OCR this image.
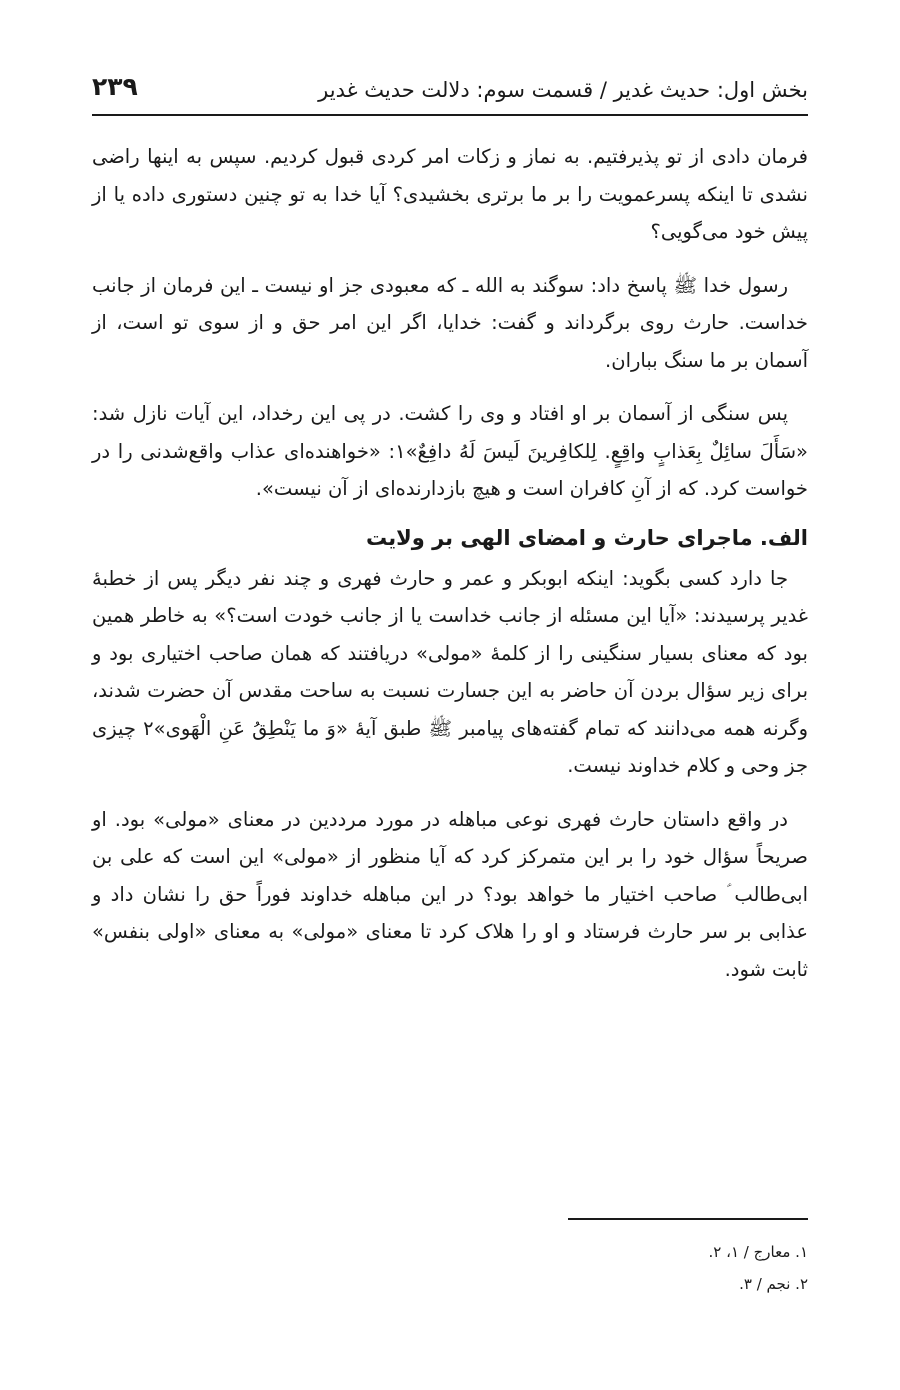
بخش اول: حدیث غدیر / قسمت سوم: دلالت حدیث غدیر
۲۳۹

فرمان دادی از تو پذیرفتیم. به نماز و زکات امر کردی قبول کردیم. سپس به اینها راضی نشدی تا اینکه پسرعمویت را بر ما برتری بخشیدی؟ آیا خدا به تو چنین دستوری داده یا از پیش خود می‌گویی؟

رسول خدا ﷺ پاسخ داد: سوگند به الله ـ که معبودی جز او نیست ـ این فرمان از جانب خداست. حارث روی برگرداند و گفت: خدایا، اگر این امر حق و از سوی تو است، از آسمان بر ما سنگ بباران.

پس سنگی از آسمان بر او افتاد و وی را کشت. در پی این رخداد، این آیات نازل شد: «سَأَلَ سائِلٌ بِعَذابٍ واقِعٍ. لِلكافِرينَ لَيسَ لَهُ دافِعٌ»۱: «خواهنده‌ای عذاب واقع‌شدنی را در خواست کرد. که از آنِ کافران است و هیچ بازدارنده‌ای از آن نیست».

الف. ماجرای حارث و امضای الهی بر ولایت

جا دارد کسی بگوید: اینکه ابوبکر و عمر و حارث فهری و چند نفر دیگر پس از خطبهٔ غدیر پرسیدند: «آیا این مسئله از جانب خداست یا از جانب خودت است؟» به خاطر همین بود که معنای بسیار سنگینی را از کلمهٔ «مولی» دریافتند که همان صاحب اختیاری بود و برای زیر سؤال بردن آن حاضر به این جسارت نسبت به ساحت مقدس آن حضرت شدند، وگرنه همه می‌دانند که تمام گفته‌های پیامبر ﷺ طبق آیهٔ «وَ ما يَنْطِقُ عَنِ الْهَوى»۲ چیزی جز وحی و کلام خداوند نیست.

در واقع داستان حارث فهری نوعی مباهله در مورد مرددین در معنای «مولی» بود. او صریحاً سؤال خود را بر این متمرکز کرد که آیا منظور از «مولی» این است که علی بن ابی‌طالب ؑ صاحب اختیار ما خواهد بود؟ در این مباهله خداوند فوراً حق را نشان داد و عذابی بر سر حارث فرستاد و او را هلاک کرد تا معنای «مولی» به معنای «اولی بنفس» ثابت شود.

۱. معارج / ۱، ۲.
۲. نجم / ۳.
